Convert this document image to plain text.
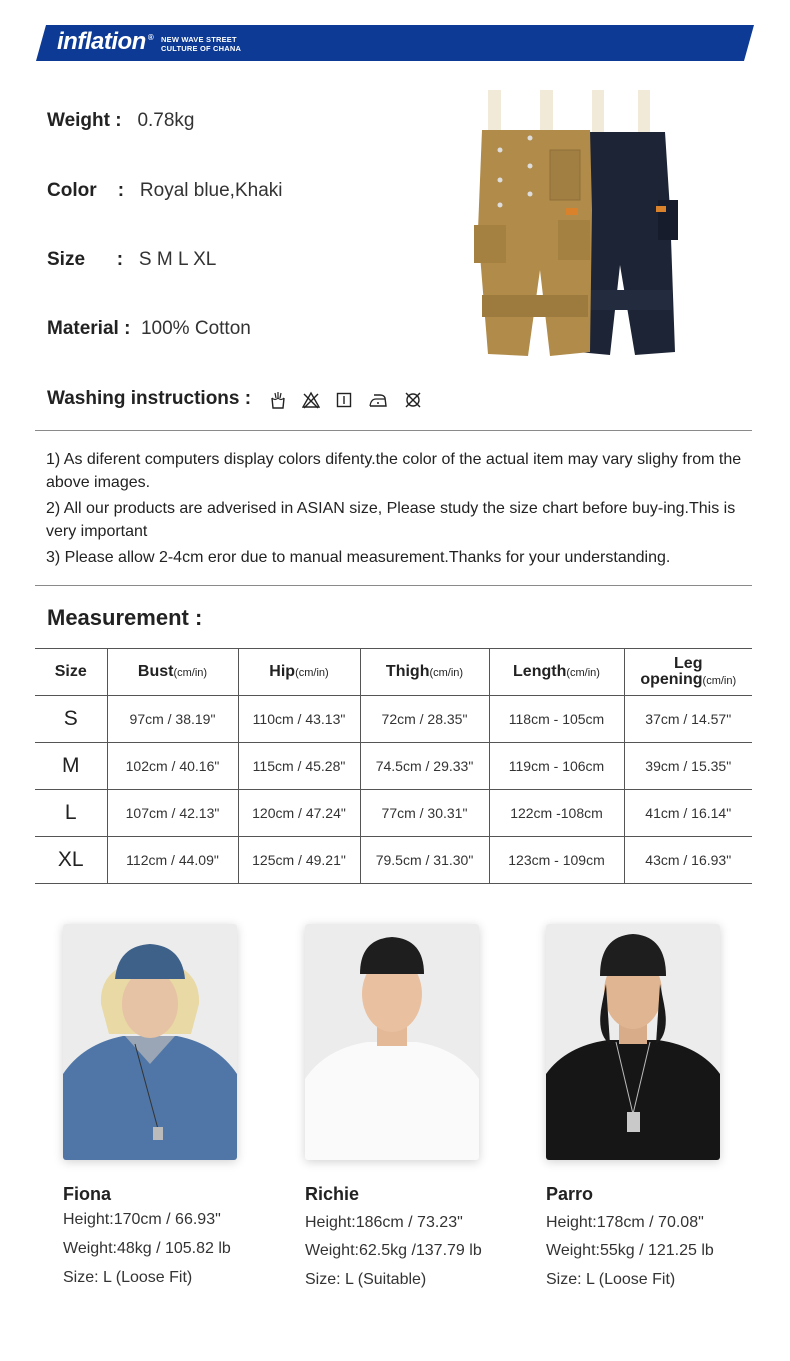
inflation ® NEW WAVE STREET
CULTURE OF CHANA
Weight : 0.78kg
Color : Royal blue,Khaki
Size : S M L XL
Material : 100% Cotton
Washing instructions :

1) As diferent computers display colors difenty.the color of the actual item may vary slighy from the above images.

2) All our products are adverised in ASIAN size, Please study the size chart before buy-ing.This is very important

3) Please allow 2-4cm eror due to manual measurement.Thanks for your understanding.

Measurement :
Size	Bust(cm/in)	Hip(cm/in)	Thigh(cm/in)	Length(cm/in)	Leg
opening(cm/in)
S	97cm / 38.19"	110cm / 43.13"	72cm / 28.35"	118cm - 105cm	37cm / 14.57"
M	102cm / 40.16"	115cm / 45.28"	74.5cm / 29.33"	119cm - 106cm	39cm / 15.35"
L	107cm / 42.13"	120cm / 47.24"	77cm / 30.31"	122cm -108cm	41cm / 16.14"
XL	112cm / 44.09"	125cm / 49.21"	79.5cm / 31.30"	123cm - 109cm	43cm / 16.93"
Fiona
Height:170cm / 66.93"
Weight:48kg / 105.82 lb
Size: L (Loose Fit)
Richie
Height:186cm / 73.23"
Weight:62.5kg /137.79 lb
Size: L (Suitable)
Parro
Height:178cm / 70.08"
Weight:55kg / 121.25 lb
Size: L (Loose Fit)
